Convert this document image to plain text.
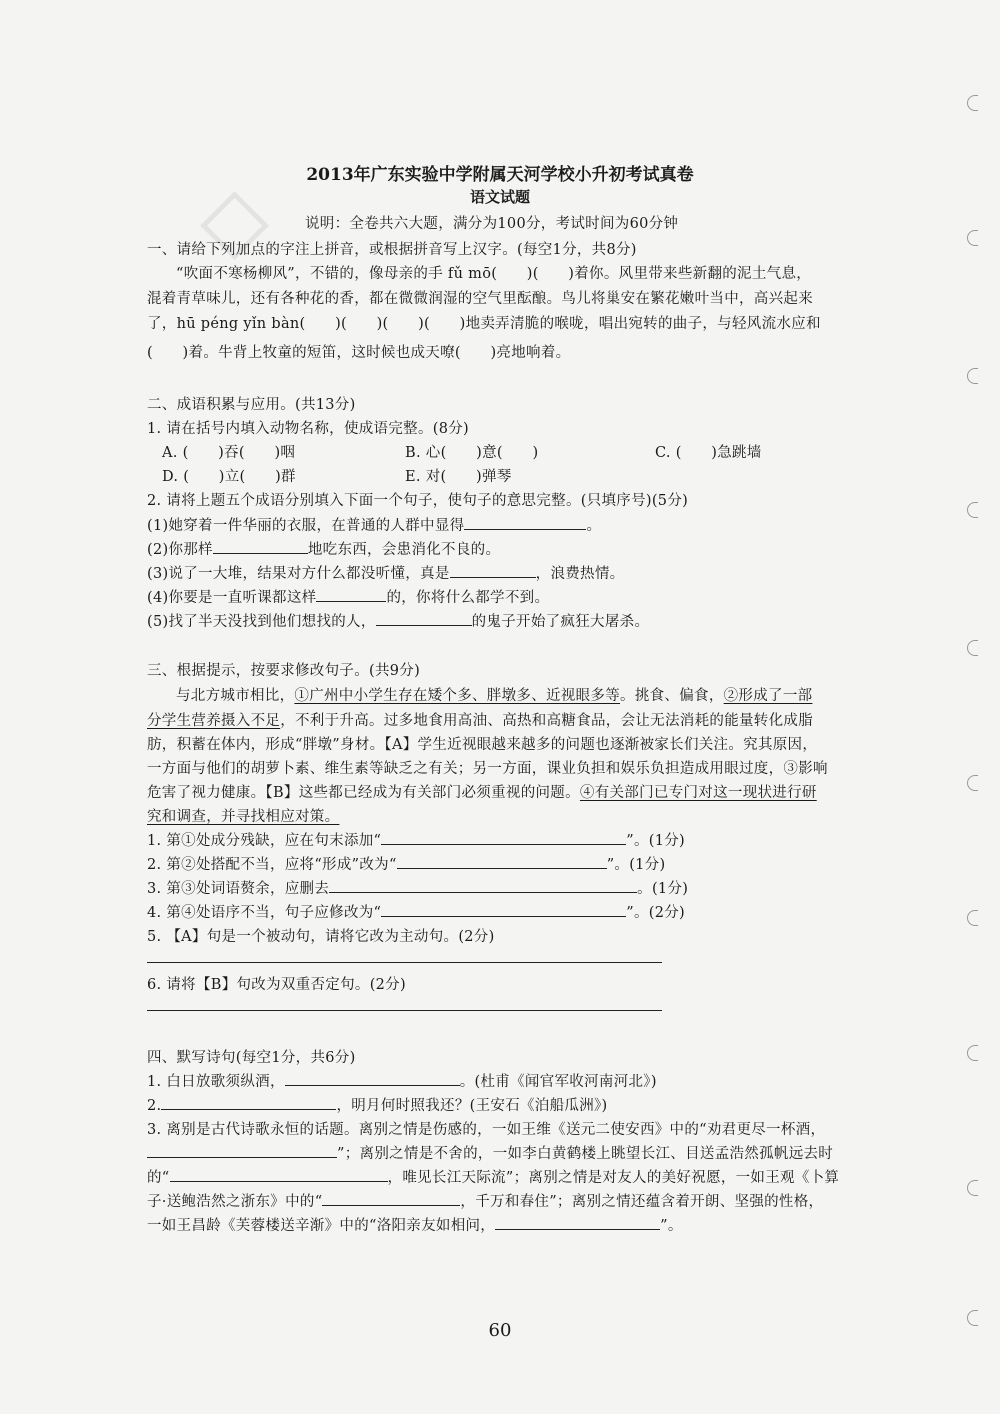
◇	2013年广东实验中学附属天河学校小升初考试真卷
语文试题
说明：全卷共六大题，满分为100分，考试时间为60分钟
一、请给下列加点的字注上拼音，或根据拼音写上汉字。(每空1分，共8分)
“吹面不寒杨柳风”，不错的，像母亲的手 fǔ mō(　　)(　　)着你。风里带来些新翻的泥土气息，
混着青草味儿，还有各种花的香，都在微微润湿的空气里酝酿。鸟儿将巢安在繁花嫩叶当中，高兴起来
了，hū péng yǐn bàn(　　)(　　)(　　)(　　)地卖弄清脆的喉咙，唱出宛转的曲子，与轻风流水应和
(　　)着。牛背上牧童的短笛，这时候也成天嘹(　　)亮地响着。
二、成语积累与应用。(共13分)
1. 请在括号内填入动物名称，使成语完整。(8分)
A. (　　)吞(　　)咽	B. 心(　　)意(　　)	C. (　　)急跳墙
D. (　　)立(　　)群	E. 对(　　)弹琴
2. 请将上题五个成语分别填入下面一个句子，使句子的意思完整。(只填序号)(5分)
(1)她穿着一件华丽的衣服，在普通的人群中显得	。
(2)你那样	地吃东西，会患消化不良的。
(3)说了一大堆，结果对方什么都没听懂，真是	，浪费热情。
(4)你要是一直听课都这样	的，你将什么都学不到。
(5)找了半天没找到他们想找的人，	的鬼子开始了疯狂大屠杀。
三、根据提示，按要求修改句子。(共9分)
与北方城市相比，①广州中小学生存在矮个多、胖墩多、近视眼多等。挑食、偏食，②形成了一部
分学生营养摄入不足，不利于升高。过多地食用高油、高热和高糖食品，会让无法消耗的能量转化成脂
肪，积蓄在体内，形成“胖墩”身材。【A】学生近视眼越来越多的问题也逐渐被家长们关注。究其原因，
一方面与他们的胡萝卜素、维生素等缺乏之有关；另一方面，课业负担和娱乐负担造成用眼过度，③影响
危害了视力健康。【B】这些都已经成为有关部门必须重视的问题。④有关部门已专门对这一现状进行研
究和调查，并寻找相应对策。
1. 第①处成分残缺，应在句末添加“	”。(1分)
2. 第②处搭配不当，应将“形成”改为“	”。(1分)
3. 第③处词语赘余，应删去	。(1分)
4. 第④处语序不当，句子应修改为“	”。(2分)
5. 【A】句是一个被动句，请将它改为主动句。(2分)
6. 请将【B】句改为双重否定句。(2分)
四、默写诗句(每空1分，共6分)
1. 白日放歌须纵酒，	。(杜甫《闻官军收河南河北》)
2.	，明月何时照我还？(王安石《泊船瓜洲》)
3. 离别是古代诗歌永恒的话题。离别之情是伤感的，一如王维《送元二使安西》中的“劝君更尽一杯酒，
”；离别之情是不舍的，一如李白黄鹤楼上眺望长江、目送孟浩然孤帆远去时
的“	，唯见长江天际流”；离别之情是对友人的美好祝愿，一如王观《卜算
子·送鲍浩然之浙东》中的“	，千万和春住”；离别之情还蕴含着开朗、坚强的性格，
一如王昌龄《芙蓉楼送辛渐》中的“洛阳亲友如相问，	”。
60
